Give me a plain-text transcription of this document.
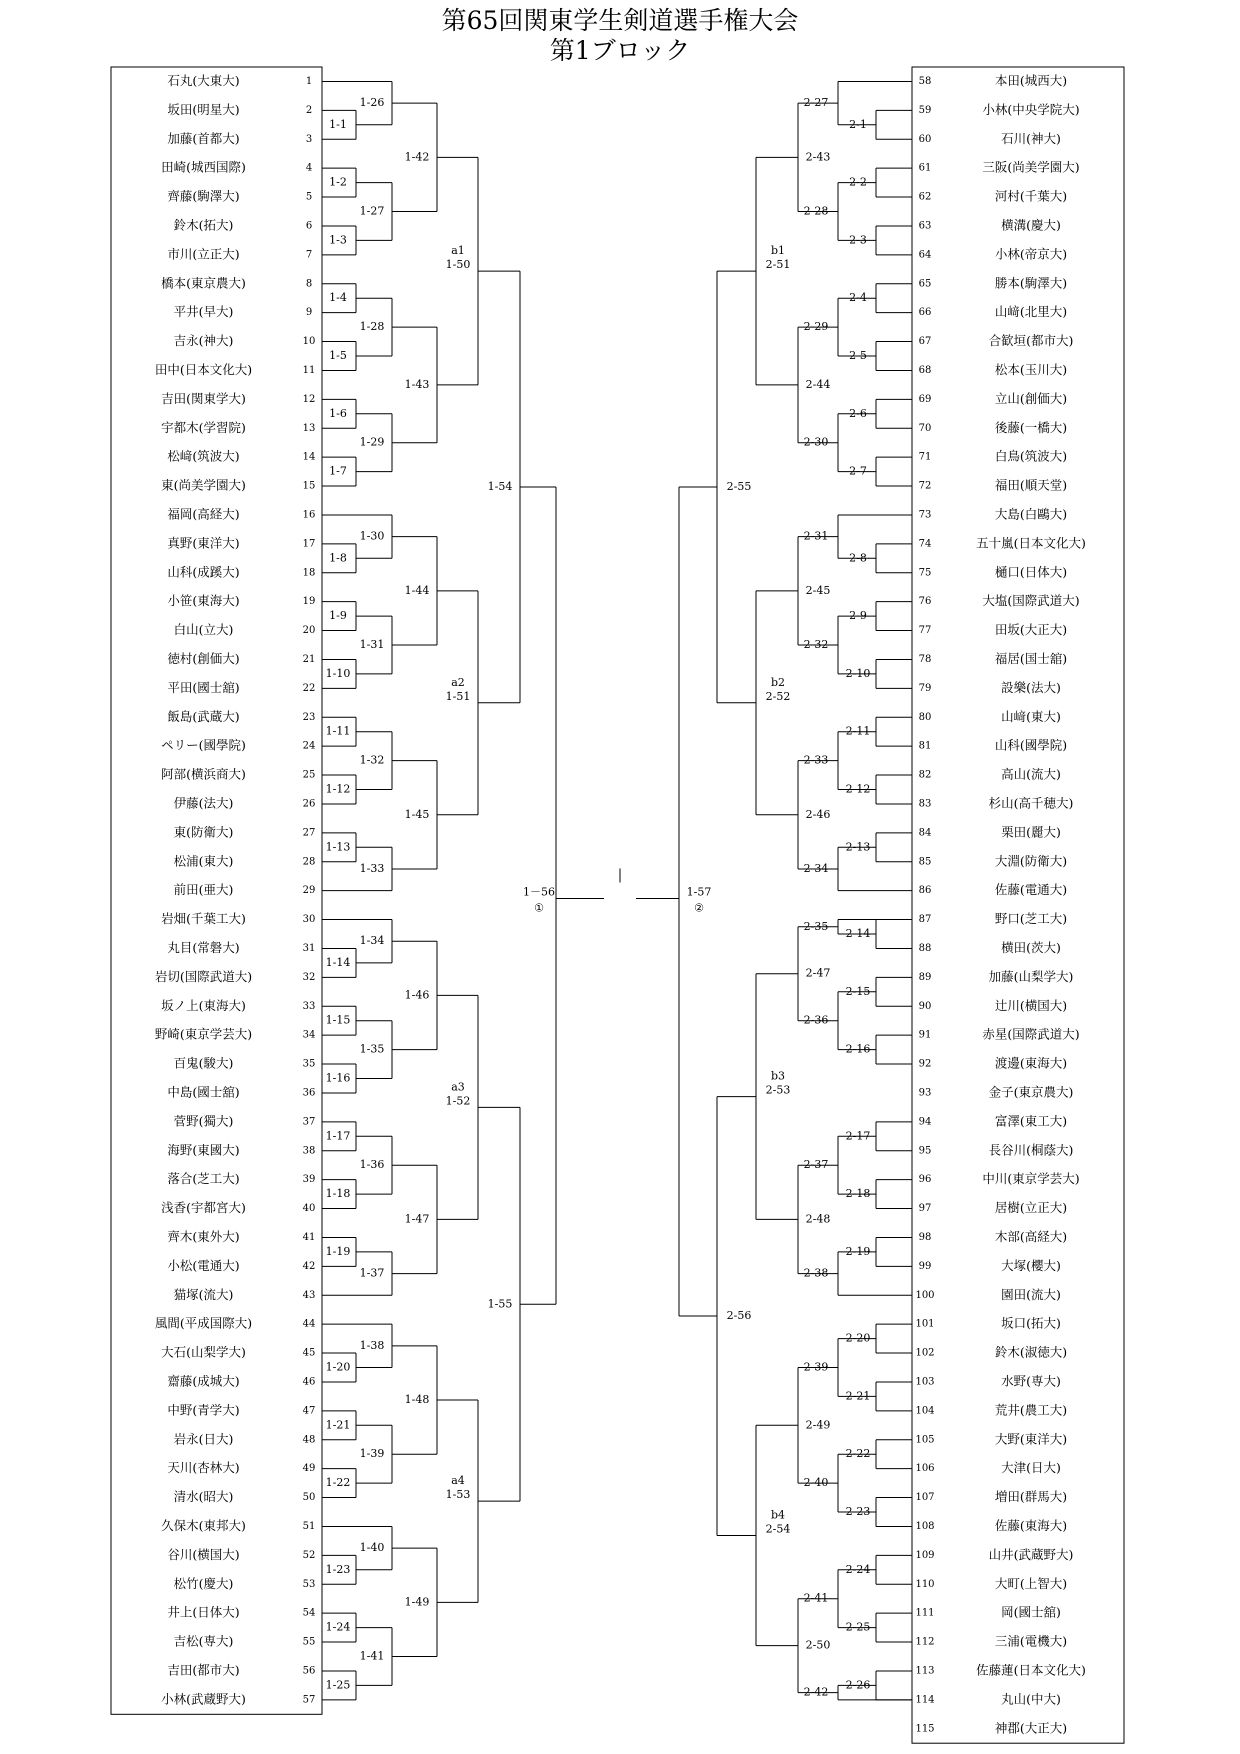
第65回関東学生剣道選手権大会
第1ブロック
石丸(大東大)	1
坂田(明星大)	2
加藤(首都大)	3
田崎(城西国際)	4
齊藤(駒澤大)	5
鈴木(拓大)	6
市川(立正大)	7
橋本(東京農大)	8
平井(早大)	9
吉永(神大)	10
田中(日本文化大)	11
吉田(関東学大)	12
宇都木(学習院)	13
松﨑(筑波大)	14
東(尚美学園大)	15
福岡(高経大)	16
真野(東洋大)	17
山科(成蹊大)	18
小笹(東海大)	19
白山(立大)	20
徳村(創価大)	21
平田(國士舘)	22
飯島(武蔵大)	23
ペリー(國學院)	24
阿部(横浜商大)	25
伊藤(法大)	26
東(防衛大)	27
松浦(東大)	28
前田(亜大)	29
岩畑(千葉工大)	30
丸目(常磐大)	31
岩切(国際武道大)	32
坂ノ上(東海大)	33
野崎(東京学芸大)	34
百鬼(駿大)	35
中島(國士舘)	36
菅野(獨大)	37
海野(東國大)	38
落合(芝工大)	39
浅香(宇都宮大)	40
齊木(東外大)	41
小松(電通大)	42
猫塚(流大)	43
風間(平成国際大)	44
大石(山梨学大)	45
齋藤(成城大)	46
中野(青学大)	47
岩永(日大)	48
天川(杏林大)	49
清水(昭大)	50
久保木(東邦大)	51
谷川(横国大)	52
松竹(慶大)	53
井上(日体大)	54
吉松(専大)	55
吉田(都市大)	56
小林(武蔵野大)	57
58	本田(城西大)
59	小林(中央学院大)
60	石川(神大)
61	三阪(尚美学園大)
62	河村(千葉大)
63	横溝(慶大)
64	小林(帝京大)
65	勝本(駒澤大)
66	山﨑(北里大)
67	合歓垣(都市大)
68	松本(玉川大)
69	立山(創価大)
70	後藤(一橋大)
71	白鳥(筑波大)
72	福田(順天堂)
73	大島(白鷗大)
74	五十嵐(日本文化大)
75	樋口(日体大)
76	大塩(国際武道大)
77	田坂(大正大)
78	福居(国士舘)
79	設樂(法大)
80	山﨑(東大)
81	山科(國學院)
82	高山(流大)
83	杉山(高千穂大)
84	栗田(麗大)
85	大淵(防衛大)
86	佐藤(電通大)
87	野口(芝工大)
88	横田(茨大)
89	加藤(山梨学大)
90	辻川(横国大)
91	赤星(国際武道大)
92	渡邊(東海大)
93	金子(東京農大)
94	富澤(東工大)
95	長谷川(桐蔭大)
96	中川(東京学芸大)
97	居樹(立正大)
98	木部(高経大)
99	大塚(櫻大)
100	園田(流大)
101	坂口(拓大)
102	鈴木(淑徳大)
103	水野(専大)
104	荒井(農工大)
105	大野(東洋大)
106	大津(日大)
107	増田(群馬大)
108	佐藤(東海大)
109	山井(武蔵野大)
110	大町(上智大)
111	岡(國士舘)
112	三浦(電機大)
113	佐藤蓮(日本文化大)
114	丸山(中大)
115	神郡(大正大)
1-1
1-2
1-3
1-4
1-5
1-6
1-7
1-8
1-9
1-10
1-11
1-12
1-13
1-14
1-15
1-16
1-17
1-18
1-19
1-20
1-21
1-22
1-23
1-24
1-25
1-26
1-27
1-28
1-29
1-30
1-31
1-32
1-33
1-34
1-35
1-36
1-37
1-38
1-39
1-40
1-41
1-42
1-43
1-44
1-45
1-46
1-47
1-48
1-49
a1
1-50
a2
1-51
a3
1-52
a4
1-53
1-54
1-55
2-1
2-2
2-3
2-4
2-5
2-6
2-7
2-8
2-9
2-10
2-11
2-12
2-13
2-14
2-15
2-16
2-17
2-18
2-19
2-20
2-21
2-22
2-23
2-24
2-25
2-26
2-27
2-28
2-29
2-30
2-31
2-32
2-33
2-34
2-35
2-36
2-37
2-38
2-39
2-40
2-41
2-42
2-43
2-44
2-45
2-46
2-47
2-48
2-49
2-50
b1
2-51
b2
2-52
b3
2-53
b4
2-54
2-55
2-56
1－56
①
1-57
②
